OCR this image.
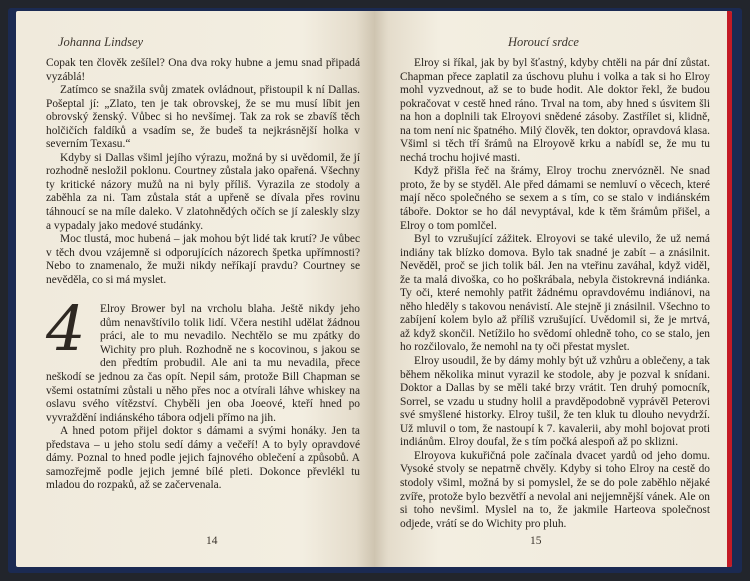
Johanna Lindsey

Copak ten člověk zešílel? Ona dva roky hubne a jemu snad připadá vyzáblá!

Zatímco se snažila svůj zmatek ovládnout, přistoupil k ní Dallas. Pošeptal jí: „Zlato, ten je tak obrovskej, že se mu musí líbit jen obrovský ženský. Vůbec si ho nevšímej. Tak za rok se zbavíš těch holčičích faldíků a vsadím se, že budeš ta nejkrásnější holka v severním Texasu.“

Kdyby si Dallas všiml jejího výrazu, možná by si uvědomil, že jí rozhodně nesložil poklonu. Courtney zůstala jako opařená. Všechny ty kritické názory mužů na ni byly příliš. Vyrazila ze stodoly a zaběhla za ni. Tam zůstala stát a upřeně se dívala přes rovinu táhnoucí se na míle daleko. V zlatohnědých očích se jí zaleskly slzy a vypadaly jako medové studánky.

Moc tlustá, moc hubená – jak mohou být lidé tak krutí? Je vůbec v těch dvou vzájemně si odporujících názorech špetka upřímnosti? Nebo to znamenalo, že muži nikdy neříkají pravdu? Courtney se nevěděla, co si má myslet.

4	Elroy Brower byl na vrcholu blaha. Ještě nikdy jeho dům nenavštívilo tolik lidí. Včera nestihl udělat žádnou práci, ale to mu nevadilo. Nechtělo se mu zpátky do Wichity pro pluh. Rozhodně ne s kocovinou, s jakou se den předtím probudil. Ale ani ta mu nevadila, přece neškodí se jednou za čas opít. Nepil sám, protože Bill Chapman se všemi ostatními zůstali u něho přes noc a otvírali láhve whiskey na oslavu svého vítězství. Chyběli jen oba Joeové, kteří hned po vyvraždění indiánského tábora odjeli přímo na jih.

A hned potom přijel doktor s dámami a svými honáky. Jen ta představa – u jeho stolu sedí dámy a večeří! A to byly opravdové dámy. Poznal to hned podle jejich fajnového oblečení a způsobů. A samozřejmě podle jejich jemné bílé pleti. Dokonce převlékl tu mladou do rozpaků, až se začervenala.

14
Horoucí srdce

Elroy si říkal, jak by byl šťastný, kdyby chtěli na pár dní zůstat. Chapman přece zaplatil za úschovu pluhu i volka a tak si ho Elroy mohl vyzvednout, až se to bude hodit. Ale doktor řekl, že budou pokračovat v cestě hned ráno. Trval na tom, aby hned s úsvitem šli na hon a doplnili tak Elroyovi snědené zásoby. Zastřílet si, klidně, na tom není nic špatného. Milý člověk, ten doktor, opravdová klasa. Všiml si těch tří šrámů na Elroyově krku a nabídl se, že mu tu nechá trochu hojivé masti.

Když přišla řeč na šrámy, Elroy trochu znervózněl. Ne snad proto, že by se styděl. Ale před dámami se nemluví o věcech, které mají něco společného se sexem a s tím, co se stalo v indiánském táboře. Doktor se ho dál nevyptával, kde k těm šrámům přišel, a Elroy o tom pomlčel.

Byl to vzrušující zážitek. Elroyovi se také ulevilo, že už nemá indiány tak blízko domova. Bylo tak snadné je zabít – a znásilnit. Nevěděl, proč se jich tolik bál. Jen na vteřinu zaváhal, když viděl, že ta malá divoška, co ho poškrábala, nebyla čistokrevná indiánka. Ty oči, které nemohly patřit žádnému opravdovému indiánovi, na něho hleděly s takovou nenávistí. Ale stejně ji znásilnil. Všechno to zabíjení kolem bylo až příliš vzrušující. Uvědomil si, že je mrtvá, až když skončil. Netížilo ho svědomí ohledně toho, co se stalo, jen ho rozčilovalo, že nemohl na ty oči přestat myslet.

Elroy usoudil, že by dámy mohly být už vzhůru a oblečeny, a tak během několika minut vyrazil ke stodole, aby je pozval k snídani. Doktor a Dallas by se měli také brzy vrátit. Ten druhý pomocník, Sorrel, se vzadu u studny holil a pravděpodobně vyprávěl Peterovi své smyšlené historky. Elroy tušil, že ten kluk tu dlouho nevydrží. Už mluvil o tom, že nastoupí k 7. kavalerii, aby mohl bojovat proti indiánům. Elroy doufal, že s tím počká alespoň až po sklizni.

Elroyova kukuřičná pole začínala dvacet yardů od jeho domu. Vysoké stvoly se nepatrně chvěly. Kdyby si toho Elroy na cestě do stodoly všiml, možná by si pomyslel, že se do pole zaběhlo nějaké zvíře, protože bylo bezvětří a nevolal ani nejjemnější vánek. Ale on si toho nevšiml. Myslel na to, že jakmile Harteova společnost odjede, vrátí se do Wichity pro pluh.

15
